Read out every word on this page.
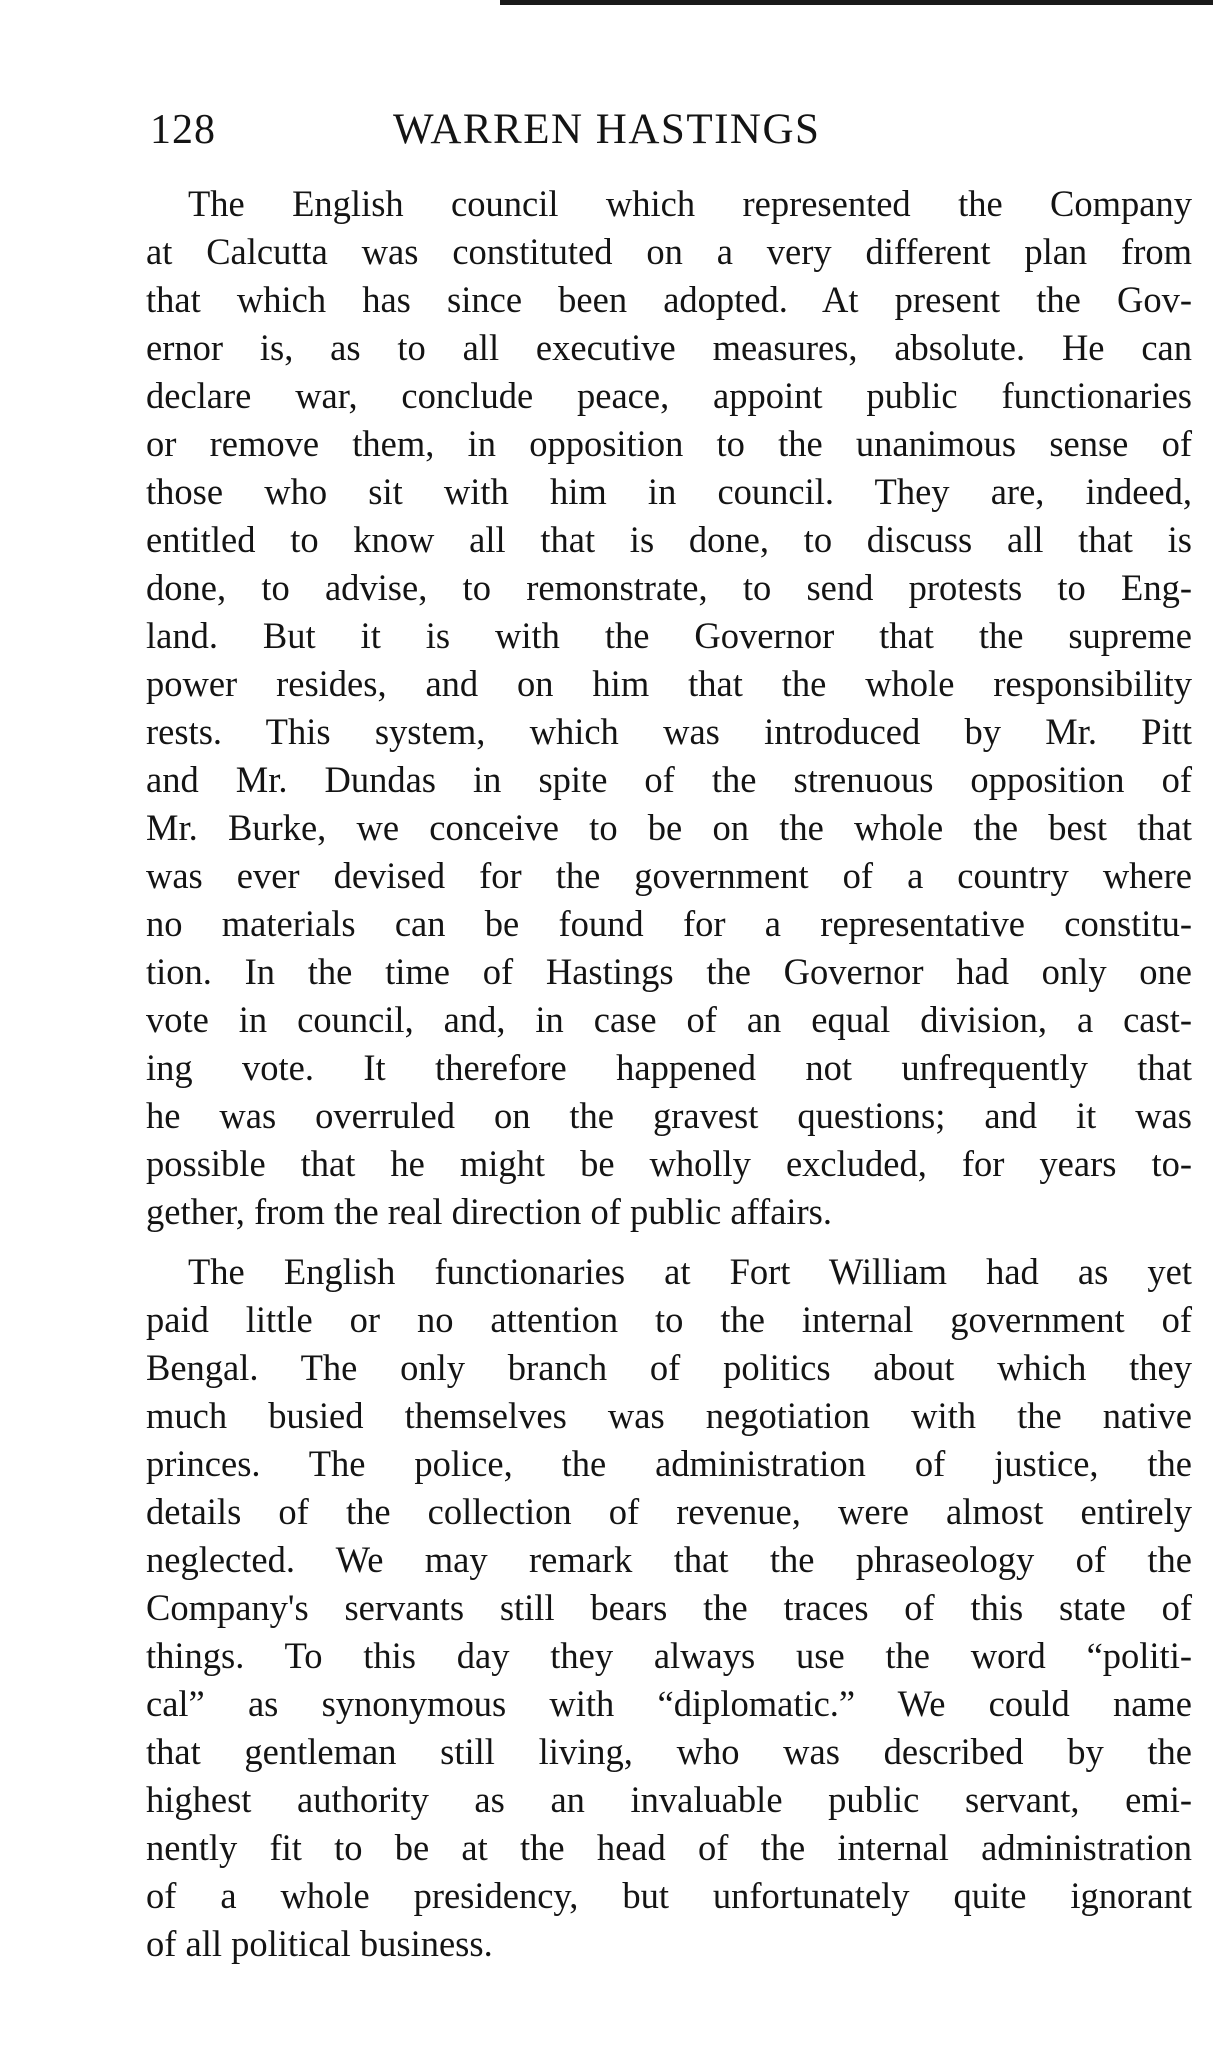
128	WARREN HASTINGS
The English council which represented the Company
at Calcutta was constituted on a very different plan from
that which has since been adopted. At present the Gov-
ernor is, as to all executive measures, absolute. He can
declare war, conclude peace, appoint public functionaries
or remove them, in opposition to the unanimous sense of
those who sit with him in council. They are, indeed,
entitled to know all that is done, to discuss all that is
done, to advise, to remonstrate, to send protests to Eng-
land. But it is with the Governor that the supreme
power resides, and on him that the whole responsibility
rests. This system, which was introduced by Mr. Pitt
and Mr. Dundas in spite of the strenuous opposition of
Mr. Burke, we conceive to be on the whole the best that
was ever devised for the government of a country where
no materials can be found for a representative constitu-
tion. In the time of Hastings the Governor had only one
vote in council, and, in case of an equal division, a cast-
ing vote. It therefore happened not unfrequently that
he was overruled on the gravest questions; and it was
possible that he might be wholly excluded, for years to-
gether, from the real direction of public affairs.
The English functionaries at Fort William had as yet
paid little or no attention to the internal government of
Bengal. The only branch of politics about which they
much busied themselves was negotiation with the native
princes. The police, the administration of justice, the
details of the collection of revenue, were almost entirely
neglected. We may remark that the phraseology of the
Company's servants still bears the traces of this state of
things. To this day they always use the word “politi-
cal” as synonymous with “diplomatic.” We could name
that gentleman still living, who was described by the
highest authority as an invaluable public servant, emi-
nently fit to be at the head of the internal administration
of a whole presidency, but unfortunately quite ignorant
of all political business.
